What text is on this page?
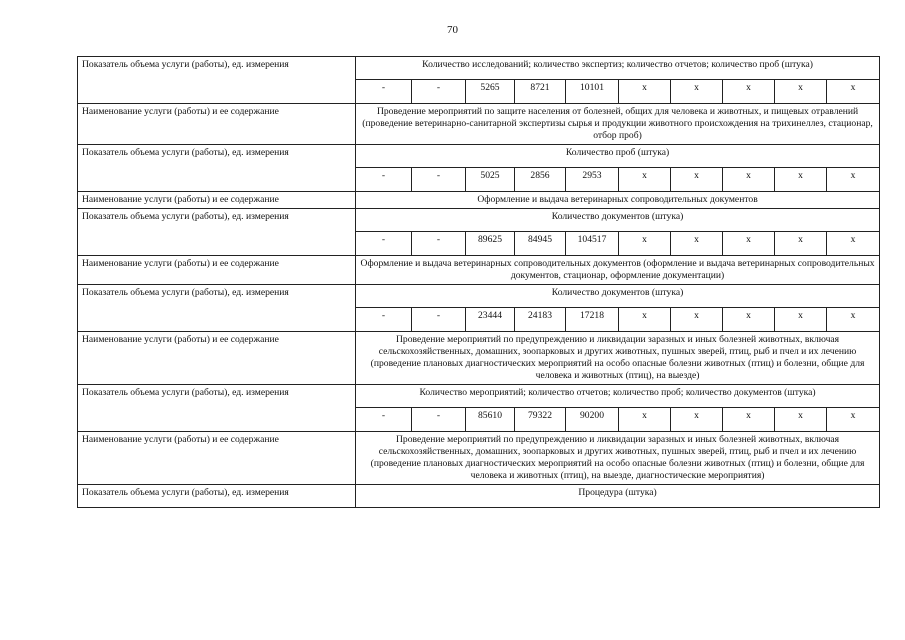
70
Показатель объема услуги (работы), ед. измерения	Количество исследований; количество экспертиз; количество отчетов; количество проб (штука)									
	-	-	5265	8721	10101	x	x	x	x	x
Наименование услуги (работы) и ее содержание	Проведение мероприятий по защите населения от болезней, общих для человека и животных, и пищевых отравлений (проведение ветеринарно-санитарной экспертизы сырья и продукции животного происхождения на трихинеллез, стационар, отбор проб)									
Показатель объема услуги (работы), ед. измерения	Количество проб (штука)									
	-	-	5025	2856	2953	x	x	x	x	x
Наименование услуги (работы) и ее содержание	Оформление и выдача ветеринарных сопроводительных документов									
Показатель объема услуги (работы), ед. измерения	Количество документов (штука)									
	-	-	89625	84945	104517	x	x	x	x	x
Наименование услуги (работы) и ее содержание	Оформление и выдача ветеринарных сопроводительных документов (оформление и выдача ветеринарных сопроводительных документов, стационар, оформление документации)									
Показатель объема услуги (работы), ед. измерения	Количество документов (штука)									
	-	-	23444	24183	17218	x	x	x	x	x
Наименование услуги (работы) и ее содержание	Проведение мероприятий по предупреждению и ликвидации заразных и иных болезней животных, включая сельскохозяйственных, домашних, зоопарковых и других животных, пушных зверей, птиц, рыб и пчел и их лечению (проведение плановых диагностических мероприятий на особо опасные болезни животных (птиц) и болезни, общие для человека и животных (птиц), на выезде)									
Показатель объема услуги (работы), ед. измерения	Количество мероприятий; количество отчетов; количество проб; количество документов (штука)									
	-	-	85610	79322	90200	x	x	x	x	x
Наименование услуги (работы) и ее содержание	Проведение мероприятий по предупреждению и ликвидации заразных и иных болезней животных, включая сельскохозяйственных, домашних, зоопарковых и других животных, пушных зверей, птиц, рыб и пчел и их лечению (проведение плановых диагностических мероприятий на особо опасные болезни животных (птиц) и болезни, общие для человека и животных (птиц), на выезде, диагностические мероприятия)									
Показатель объема услуги (работы), ед. измерения	Процедура (штука)									
